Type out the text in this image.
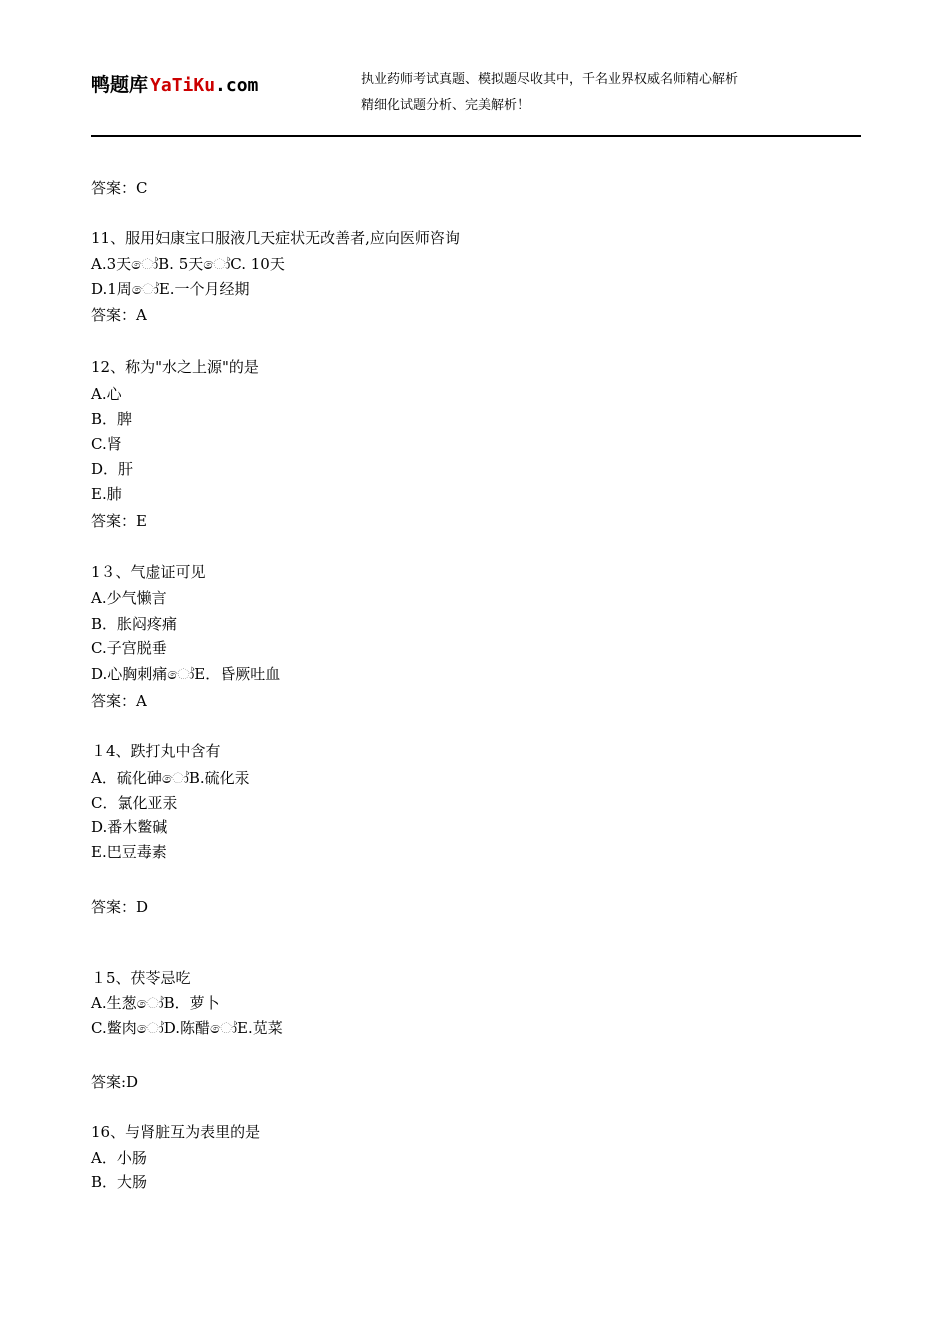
鸭题库 YaTiKu.com	执业药师考试真题、模拟题尽收其中，千名业界权威名师精心解析
精细化试题分析、完美解析！
答案：C
11、服用妇康宝口服液几天症状无改善者,应向医师咨询
A.3天ෝB. 5天ෝC. 10天
D.1周ෝE.一个月经期
答案：A
12、称为"水之上源"的是
A.心
B．脾
C.肾
D．肝
E.肺
答案：E
1３、气虚证可见
A.少气懒言
B．胀闷疼痛
C.子宫脱垂
D.心胸刺痛ෝE．昏厥吐血
答案：A
１4、跌打丸中含有
A．硫化砷ෝB.硫化汞
C．氯化亚汞
D.番木鳖碱
E.巴豆毒素
答案：D
１5、茯苓忌吃
A.生葱ෝB．萝卜
C.鳖肉ෝD.陈醋ෝE.苋菜
答案:D
16、与肾脏互为表里的是
A．小肠
B．大肠
